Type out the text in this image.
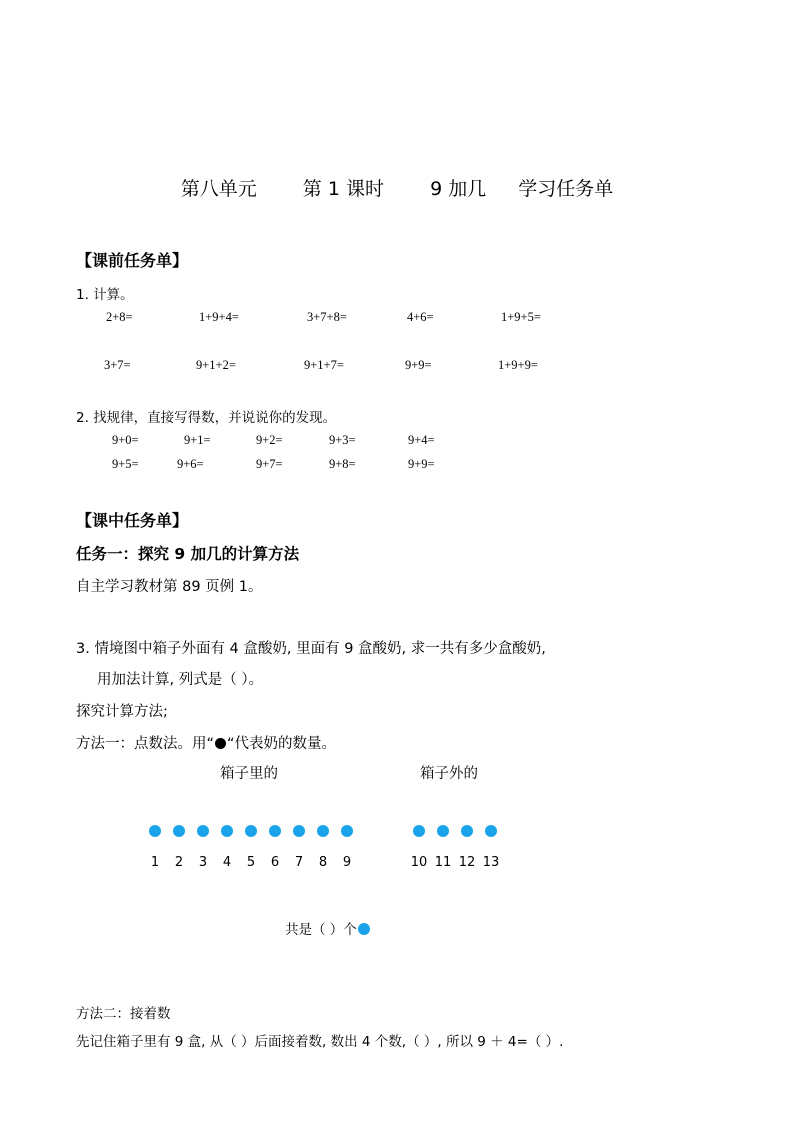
第八单元 第 1 课时 9 加几 学习任务单
【课前任务单】
1. 计算。
2+8=	1+9+4=	3+7+8=	4+6=	1+9+5=
3+7=	9+1+2=	9+1+7=	9+9=	1+9+9=
2. 找规律，直接写得数，并说说你的发现。
9+0=	9+1=	9+2=	9+3=	9+4=
9+5=	9+6=	9+7=	9+8=	9+9=
【课中任务单】
任务一：探究 9 加几的计算方法
自主学习教材第 89 页例 1。
3. 情境图中箱子外面有 4 盒酸奶, 里面有 9 盒酸奶, 求一共有多少盒酸奶,
用加法计算, 列式是（ ）。
探究计算方法;
方法一：点数法。用“ “代表奶的数量。
箱子里的	箱子外的
1	2	3	4	5	6	7	8	9	10 11 12 13
共是（ ）个
方法二：接着数
先记住箱子里有 9 盒, 从（ ）后面接着数, 数出 4 个数,（ ）, 所以 9 ＋ 4=（ ）.
